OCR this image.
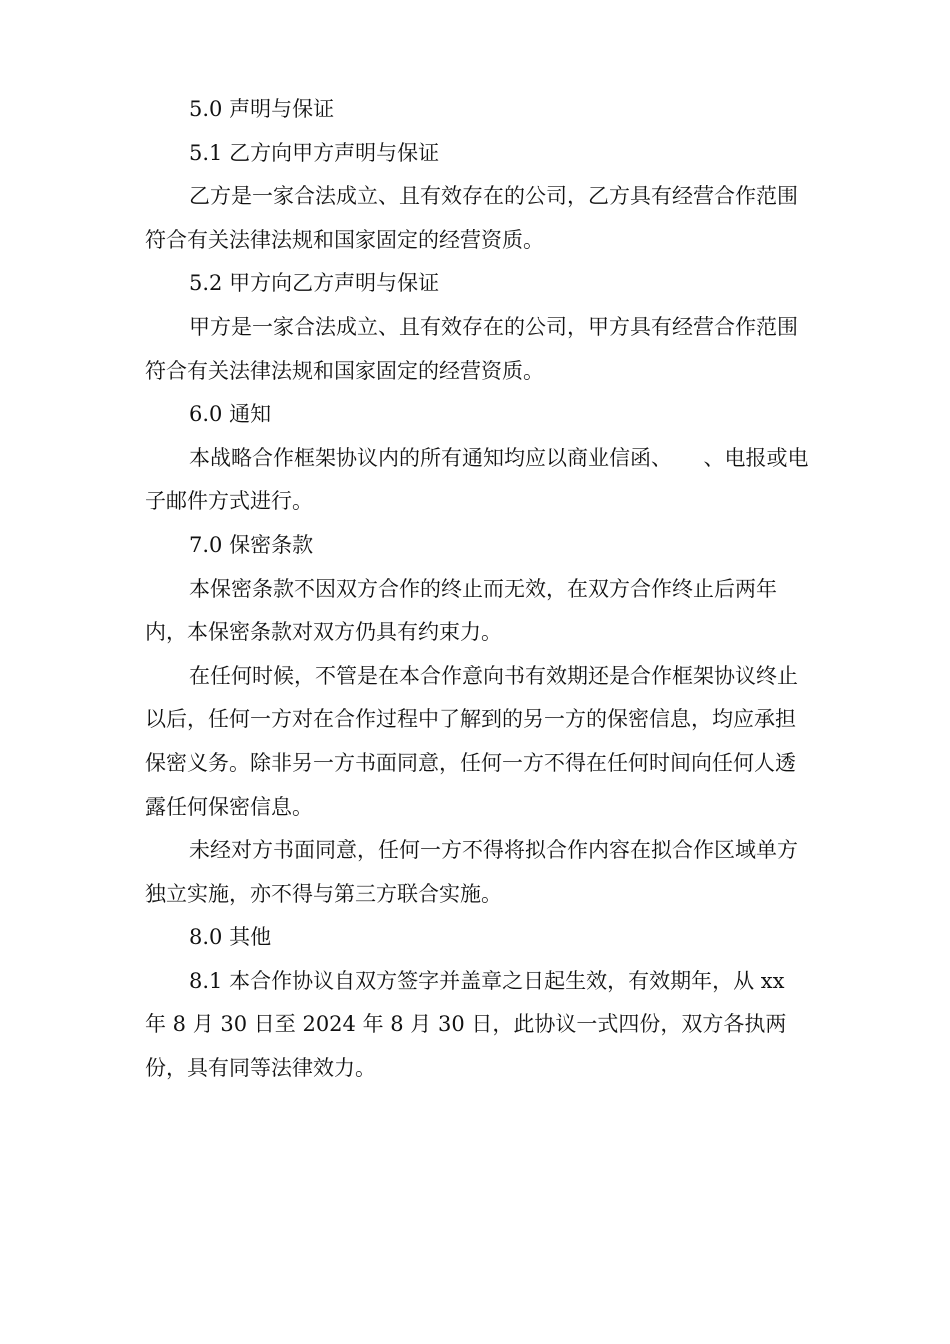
5.0 声明与保证

5.1 乙方向甲方声明与保证

乙方是一家合法成立、且有效存在的公司，乙方具有经营合作范围符合有关法律法规和国家固定的经营资质。

5.2 甲方向乙方声明与保证

甲方是一家合法成立、且有效存在的公司，甲方具有经营合作范围符合有关法律法规和国家固定的经营资质。

6.0 通知

本战略合作框架协议内的所有通知均应以商业信函、　　、电报或电子邮件方式进行。

7.0 保密条款

本保密条款不因双方合作的终止而无效，在双方合作终止后两年内，本保密条款对双方仍具有约束力。

在任何时候，不管是在本合作意向书有效期还是合作框架协议终止以后，任何一方对在合作过程中了解到的另一方的保密信息，均应承担保密义务。除非另一方书面同意，任何一方不得在任何时间向任何人透露任何保密信息。

未经对方书面同意，任何一方不得将拟合作内容在拟合作区域单方独立实施，亦不得与第三方联合实施。

8.0 其他

8.1 本合作协议自双方签字并盖章之日起生效，有效期年，从 xx 年 8 月 30 日至 2024 年 8 月 30 日，此协议一式四份，双方各执两份，具有同等法律效力。
